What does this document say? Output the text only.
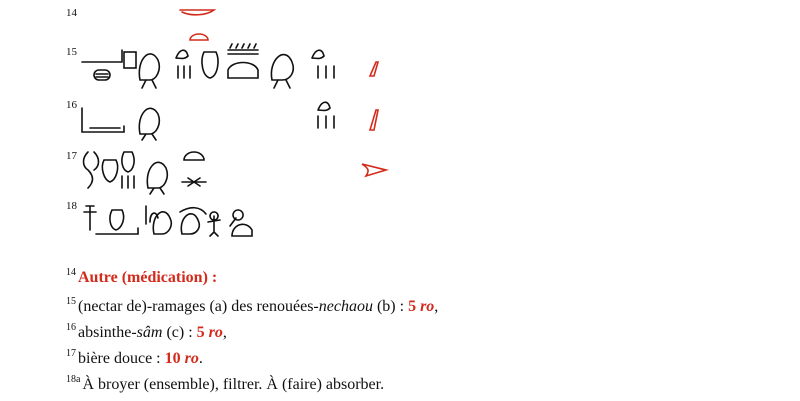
14
15
16
17
18
$^{14}$ Autre (médication) :
$^{15}$ (nectar de)-ramages (a) des renouées-nechaou (b) : 5 ro,
$^{16}$ absinthe-sâm (c) : 5 ro,
$^{17}$ bière douce : 10 ro.
$^{18a}$ À broyer (ensemble), filtrer. À (faire) absorber.
